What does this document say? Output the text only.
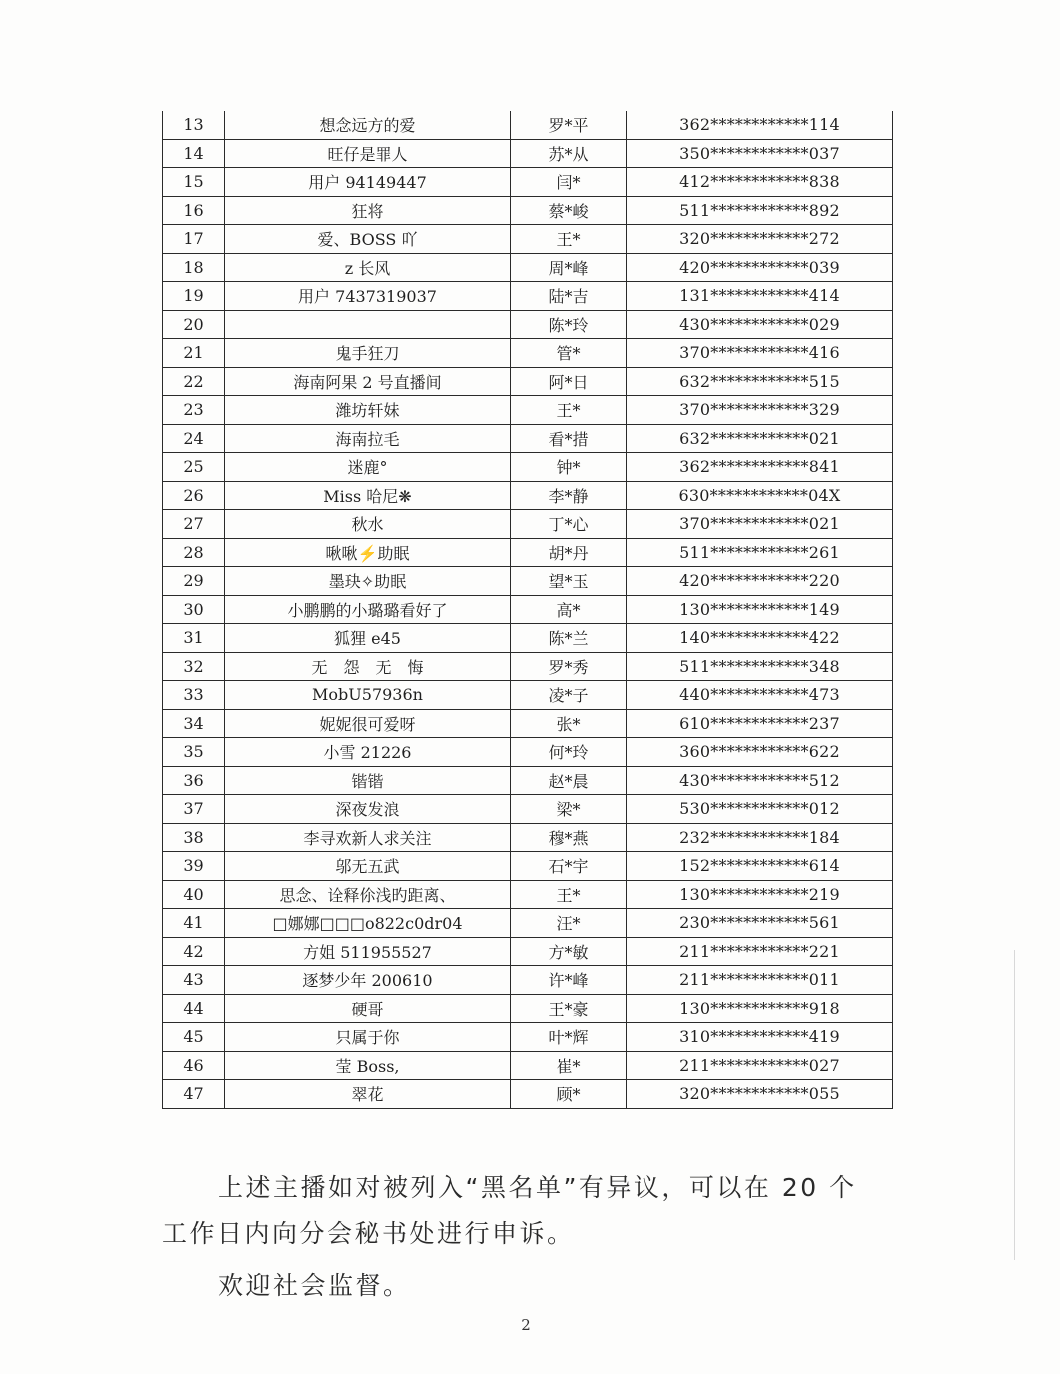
13	想念远方的爱	罗*平	362************114
14	旺仔是罪人	苏*从	350************037
15	用户 94149447	闫*	412************838
16	狂将	蔡*峻	511************892
17	爱、BOSS 吖	王*	320************272
18	z 长风	周*峰	420************039
19	用户 7437319037	陆*吉	131************414
20		陈*玲	430************029
21	鬼手狂刀	管*	370************416
22	海南阿果 2 号直播间	阿*日	632************515
23	潍坊轩妹	王*	370************329
24	海南拉毛	看*措	632************021
25	迷鹿°	钟*	362************841
26	Miss 哈尼❋	李*静	630************04X
27	秋水	丁*心	370************021
28	啾啾⚡助眠	胡*丹	511************261
29	墨玦✧助眠	望*玉	420************220
30	小鹏鹏的小璐璐看好了	高*	130************149
31	狐狸 e45	陈*兰	140************422
32	无　怨　无　悔	罗*秀	511************348
33	MobU57936n	凌*子	440************473
34	妮妮很可爱呀	张*	610************237
35	小雪 21226	何*玲	360************622
36	锴锴	赵*晨	430************512
37	深夜发浪	梁*	530************012
38	李寻欢新人求关注	穆*燕	232************184
39	邬无五武	石*宇	152************614
40	思念、诠释伱浅旳距离、	王*	130************219
41	□娜娜□□□o822c0dr04	汪*	230************561
42	方姐 511955527	方*敏	211************221
43	逐梦少年 200610	许*峰	211************011
44	硬哥	王*豪	130************918
45	只属于你	叶*辉	310************419
46	莹 Boss,	崔*	211************027
47	翠花	顾*	320************055
上述主播如对被列入“黑名单”有异议，可以在 20 个
工作日内向分会秘书处进行申诉。
欢迎社会监督。
2
